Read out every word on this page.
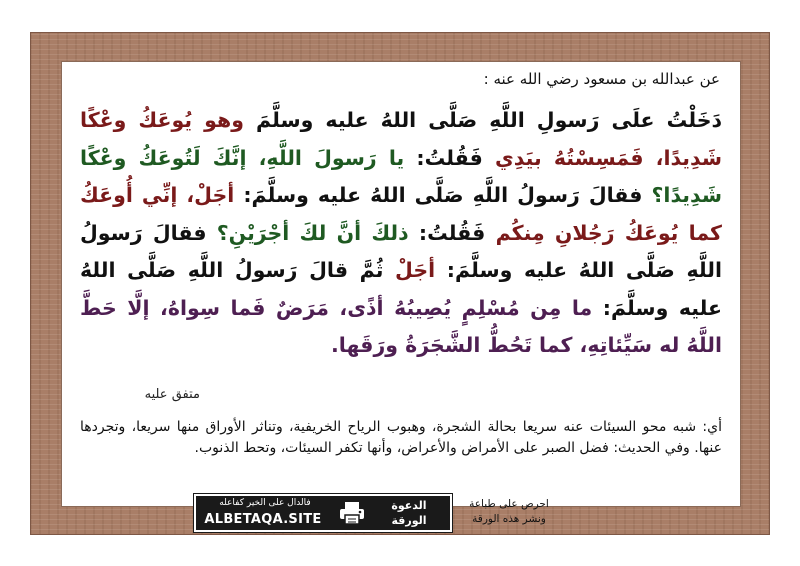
عن عبدالله بن مسعود رضي الله عنه :
دَخَلْتُ علَى رَسولِ اللَّهِ صَلَّى اللهُ عليه وسلَّمَ وهو يُوعَكُ وعْكًا شَدِيدًا، فَمَسِسْتُهُ بيَدِي فَقُلتُ: يا رَسولَ اللَّهِ، إنَّكَ لَتُوعَكُ وعْكًا شَدِيدًا؟ فقالَ رَسولُ اللَّهِ صَلَّى اللهُ عليه وسلَّمَ: أجَلْ، إنِّي أُوعَكُ كما يُوعَكُ رَجُلانِ مِنكُم فَقُلتُ: ذلكَ أنَّ لكَ أجْرَيْنِ؟ فقالَ رَسولُ اللَّهِ صَلَّى اللهُ عليه وسلَّمَ: أجَلْ ثُمَّ قالَ رَسولُ اللَّهِ صَلَّى اللهُ عليه وسلَّمَ: ما مِن مُسْلِمٍ يُصِيبُهُ أذًى، مَرَضٌ فَما سِواهُ، إلَّا حَطَّ اللَّهُ له سَيِّئاتِهِ، كما تَحُطُّ الشَّجَرَةُ ورَقَها.
متفق عليه
أي: شبه محو السيئات عنه سريعا بحالة الشجرة، وهبوب الرياح الخريفية، وتناثر الأوراق منها سريعا، وتجردها عنها. وفي الحديث: فضل الصبر على الأمراض والأعراض، وأنها تكفر السيئات، وتحط الذنوب.
فالدال على الخير كفاعله
ALBETAQA.SITE
الدعوة
الورقة
احرص على طباعة
ونشر هذه الورقة
